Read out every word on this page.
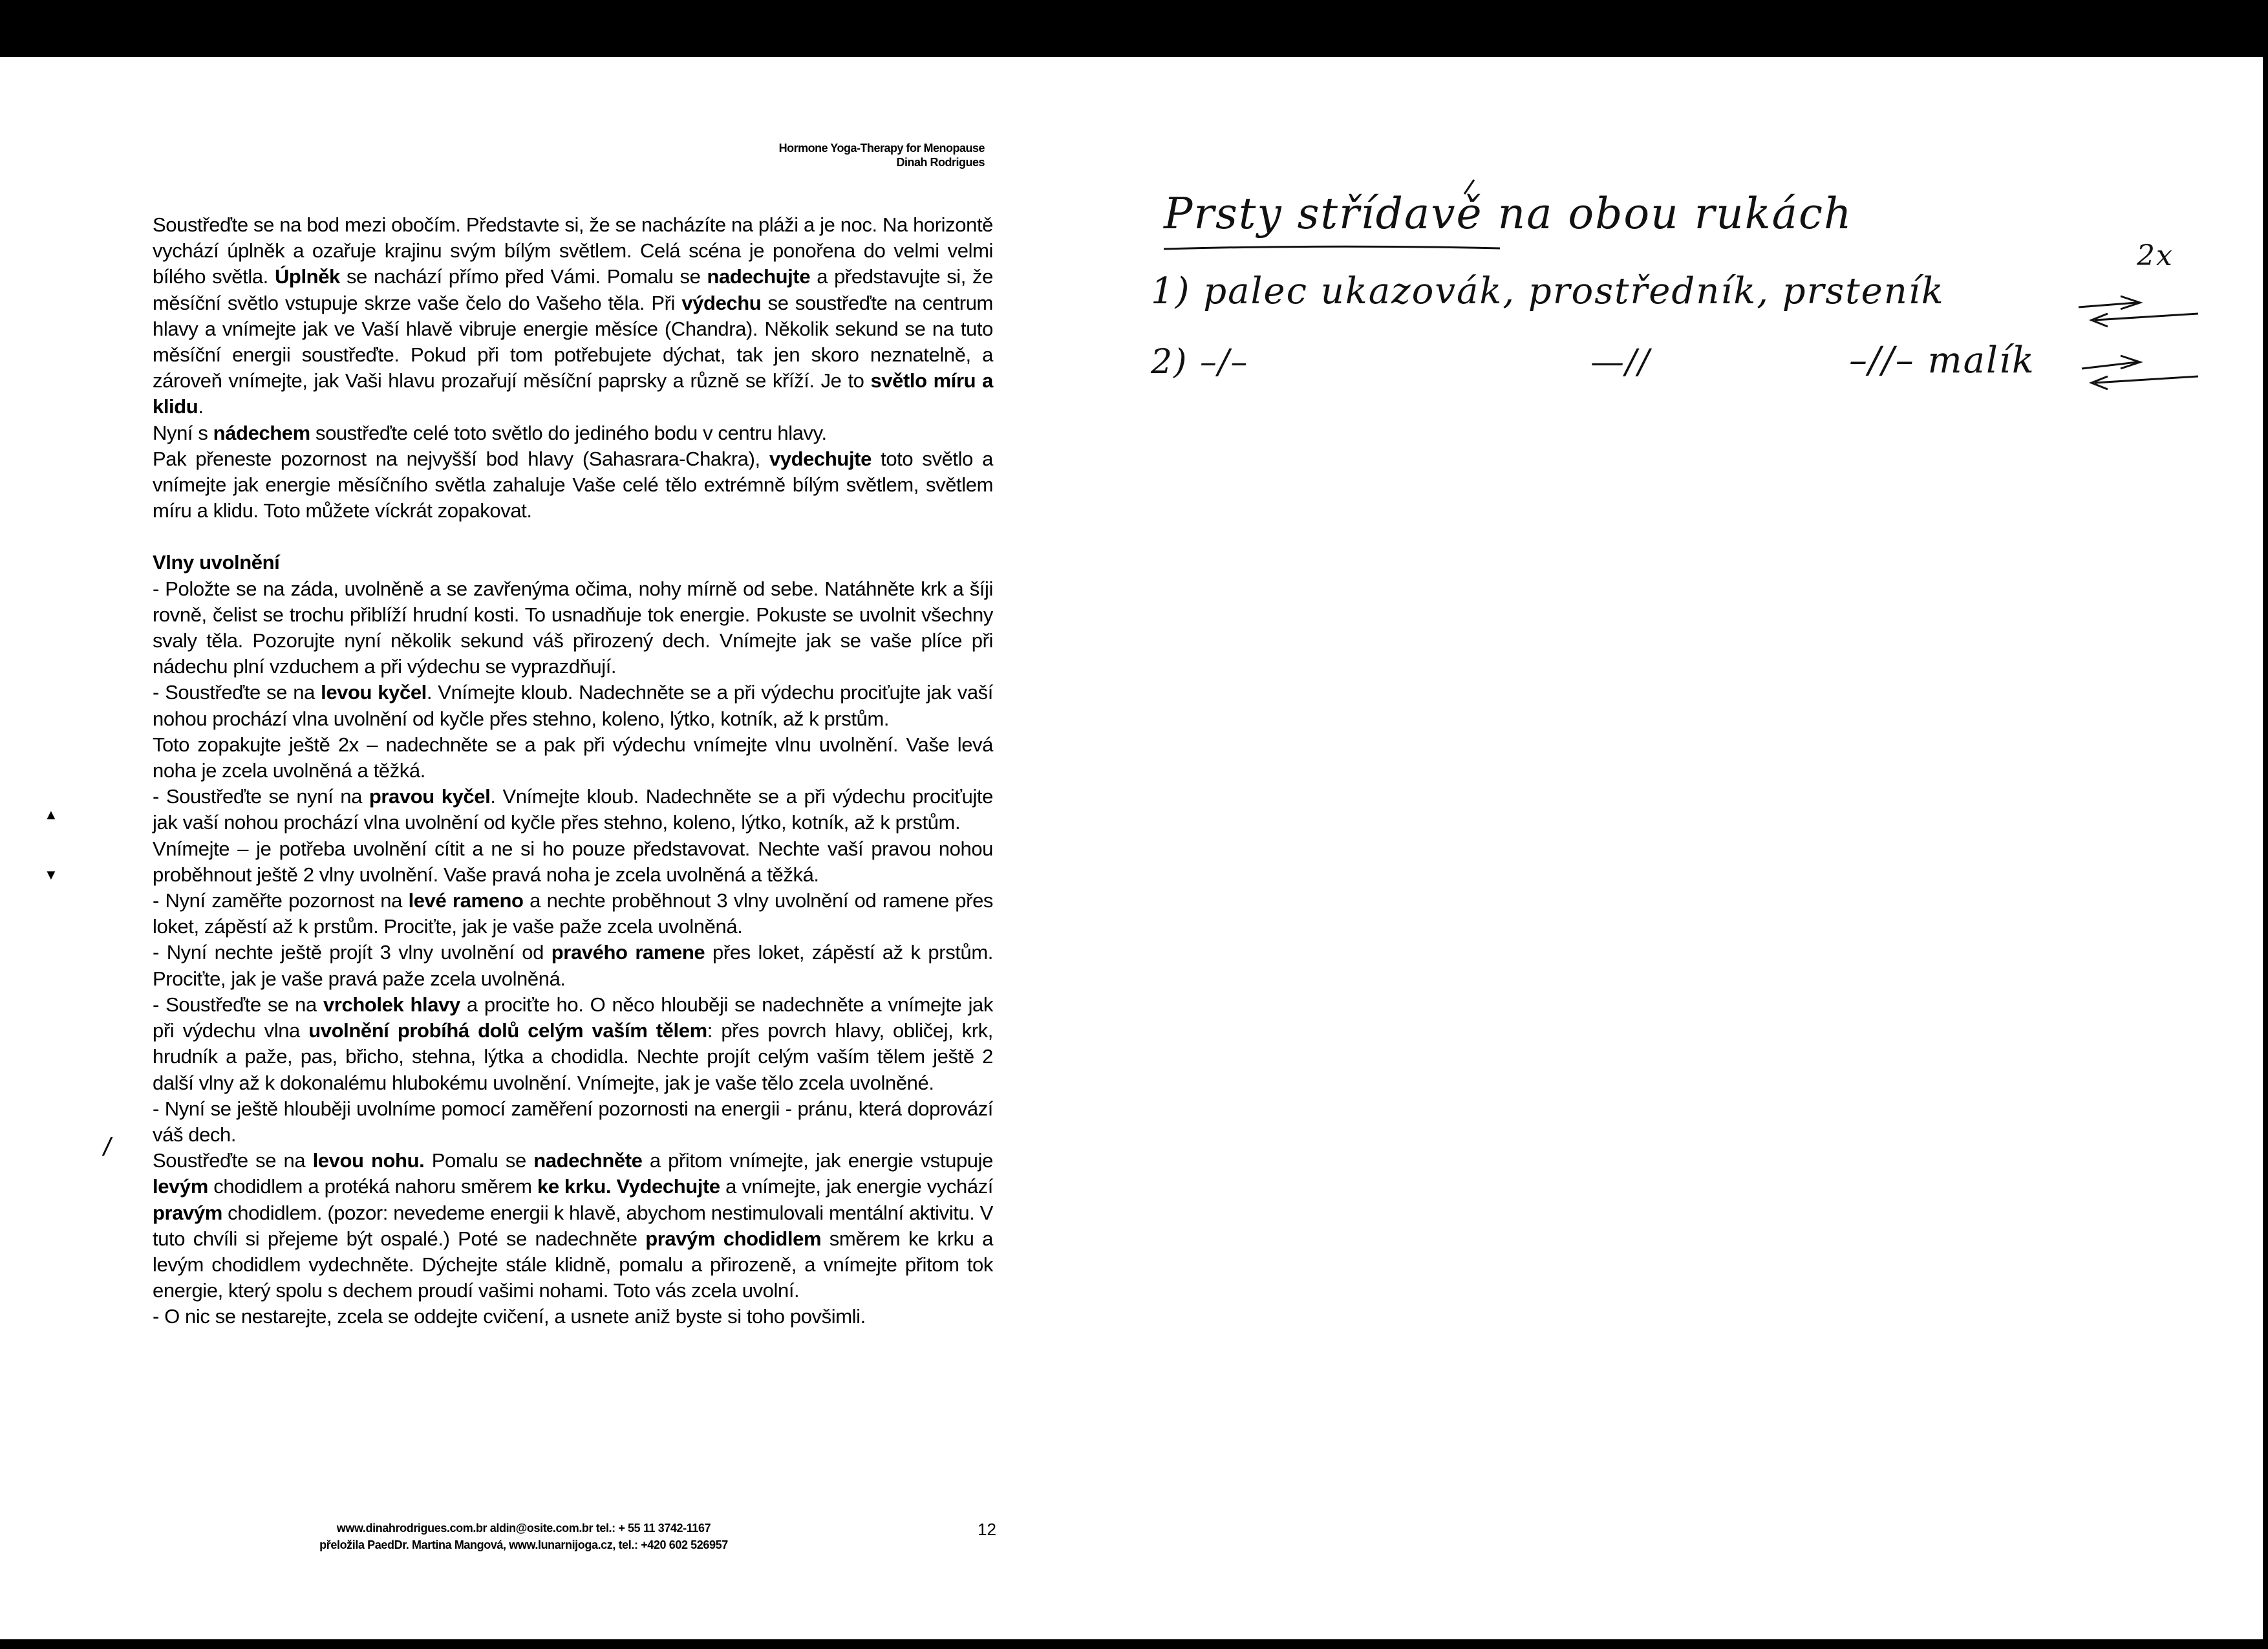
Hormone Yoga-Therapy for Menopause
Dinah Rodrigues

Soustřeďte se na bod mezi obočím. Představte si, že se nacházíte na pláži a je noc. Na horizontě vychází úplněk a ozařuje krajinu svým bílým světlem. Celá scéna je ponořena do velmi velmi bílého světla. Úplněk se nachází přímo před Vámi. Pomalu se nadechujte a představujte si, že měsíční světlo vstupuje skrze vaše čelo do Vašeho těla. Při výdechu se soustřeďte na centrum hlavy a vnímejte jak ve Vaší hlavě vibruje energie měsíce (Chandra). Několik sekund se na tuto měsíční energii soustřeďte. Pokud při tom potřebujete dýchat, tak jen skoro neznatelně, a zároveň vnímejte, jak Vaši hlavu prozařují měsíční paprsky a různě se kříží. Je to světlo míru a klidu.

Nyní s nádechem soustřeďte celé toto světlo do jediného bodu v centru hlavy.

Pak přeneste pozornost na nejvyšší bod hlavy (Sahasrara-Chakra), vydechujte toto světlo a vnímejte jak energie měsíčního světla zahaluje Vaše celé tělo extrémně bílým světlem, světlem míru a klidu. Toto můžete víckrát zopakovat.

Vlny uvolnění

- Položte se na záda, uvolněně a se zavřenýma očima, nohy mírně od sebe. Natáhněte krk a šíji rovně, čelist se trochu přiblíží hrudní kosti. To usnadňuje tok energie. Pokuste se uvolnit všechny svaly těla. Pozorujte nyní několik sekund váš přirozený dech. Vnímejte jak se vaše plíce při nádechu plní vzduchem a při výdechu se vyprazdňují.

- Soustřeďte se na levou kyčel. Vnímejte kloub. Nadechněte se a při výdechu prociťujte jak vaší nohou prochází vlna uvolnění od kyčle přes stehno, koleno, lýtko, kotník, až k prstům.

Toto zopakujte ještě 2x – nadechněte se a pak při výdechu vnímejte vlnu uvolnění. Vaše levá noha je zcela uvolněná a těžká.

- Soustřeďte se nyní na pravou kyčel. Vnímejte kloub. Nadechněte se a při výdechu prociťujte jak vaší nohou prochází vlna uvolnění od kyčle přes stehno, koleno, lýtko, kotník, až k prstům.

Vnímejte – je potřeba uvolnění cítit a ne si ho pouze představovat. Nechte vaší pravou nohou proběhnout ještě 2 vlny uvolnění. Vaše pravá noha je zcela uvolněná a těžká.

- Nyní zaměřte pozornost na levé rameno a nechte proběhnout 3 vlny uvolnění od ramene přes loket, zápěstí až k prstům. Prociťte, jak je vaše paže zcela uvolněná.

- Nyní nechte ještě projít 3 vlny uvolnění od pravého ramene přes loket, zápěstí až k prstům. Prociťte, jak je vaše pravá paže zcela uvolněná.

- Soustřeďte se na vrcholek hlavy a prociťte ho. O něco hlouběji se nadechněte a vnímejte jak při výdechu vlna uvolnění probíhá dolů celým vaším tělem: přes povrch hlavy, obličej, krk, hrudník a paže, pas, břicho, stehna, lýtka a chodidla. Nechte projít celým vaším tělem ještě 2 další vlny až k dokonalému hlubokému uvolnění. Vnímejte, jak je vaše tělo zcela uvolněné.

- Nyní se ještě hlouběji uvolníme pomocí zaměření pozornosti na energii - pránu, která doprovází váš dech.

Soustřeďte se na levou nohu. Pomalu se nadechněte a přitom vnímejte, jak energie vstupuje levým chodidlem a protéká nahoru směrem ke krku. Vydechujte a vnímejte, jak energie vychází pravým chodidlem. (pozor: nevedeme energii k hlavě, abychom nestimulovali mentální aktivitu. V tuto chvíli si přejeme být ospalé.) Poté se nadechněte pravým chodidlem směrem ke krku a levým chodidlem vydechněte. Dýchejte stále klidně, pomalu a přirozeně, a vnímejte přitom tok energie, který spolu s dechem proudí vašimi nohami. Toto vás zcela uvolní.

- O nic se nestarejte, zcela se oddejte cvičení, a usnete aniž byste si toho povšimli.

www.dinahrodrigues.com.br aldin@osite.com.br tel.: + 55 11 3742-1167
přeložila PaedDr. Martina Mangová, www.lunarnijoga.cz, tel.: +420 602 526957
12
▲
▼
/
Prsty střídavě na obou rukách
1) palec ukazovák, prostředník, prsteník
2x
2) –/–	—//	–//– malík
